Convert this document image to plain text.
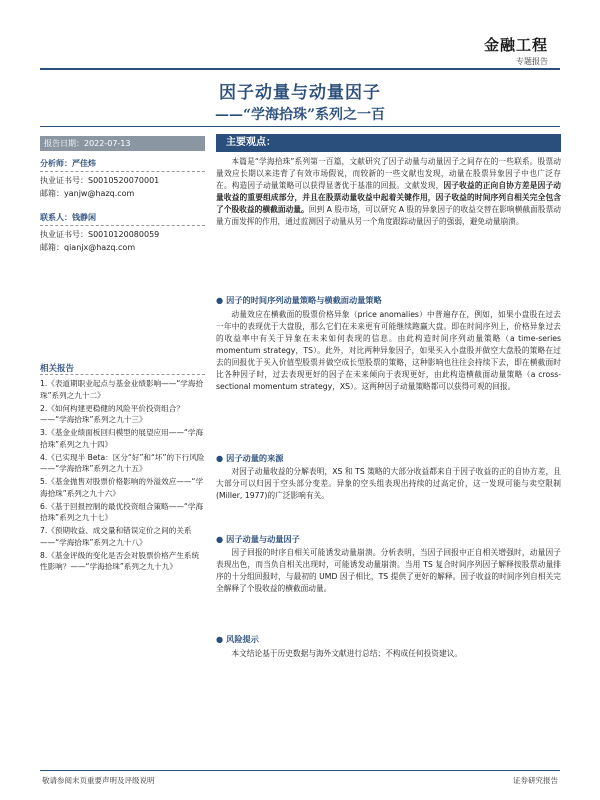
金融工程
专题报告
因子动量与动量因子
——“学海拾珠”系列之一百
报告日期：2022-07-13
分析师：严佳炜
执业证书号：S0010520070001
邮箱：yanjw@hazq.com
联系人：钱静闲
执业证书号：S0010120080059
邮箱：qianjx@hazq.com
相关报告

1.《表道期职业起点与基金业绩影响——“学海拾珠”系列之九十二》

2.《如何构建更稳健的风险平价投资组合？——“学海拾珠”系列之九十三》

3.《基金业绩面板回归模型的展望应用——“学海拾珠”系列之九十四》

4.《已实现半 Beta：区分“好”和“坏”的下行风险——“学海拾珠”系列之九十五》

5.《基金抛售对股票价格影响的外溢效应——“学海拾珠”系列之九十六》

6.《基于回报控制的最优投资组合策略——“学海拾珠”系列之九十七》

7.《预期收益、成交量和错误定价之间的关系——“学海拾珠”系列之九十八》

8.《基金评级的变化是否会对股票价格产生系统性影响？——“学海拾珠”系列之九十九》

主要观点：

本篇是“学海拾珠”系列第一百篇，文献研究了因子动量与动量因子之间存在的一些联系。股票动量效应长期以来违背了有效市场假说，而较新的一些文献也发现，动量在股票异象因子中也广泛存在。构造因子动量策略可以获得显著优于基准的回报。文献发现，因子收益的正向自协方差是因子动量收益的重要组成部分，并且在股票动量收益中起着关键作用，因子收益的时间序列自相关完全包含了个股收益的横截面动量。回到 A 股市场，可以研究 A 股的异象因子的收益交替在影响横截面股票动量方面发挥的作用，通过监测因子动量从另一个角度跟踪动量因子的强弱，避免动量崩溃。

● 因子的时间序列动量策略与横截面动量策略

动量效应在横截面的股票价格异象（price anomalies）中普遍存在，例如，如果小盘股在过去一年中的表现优于大盘股，那么它们在未来更有可能继续跑赢大盘。即在时间序列上，价格异象过去的收益率中有关于异象在未来如何表现的信息。由此构造时间序列动量策略（a time-series momentum strategy，TS）。此外，对比两种异象因子，如果买入小盘股并做空大盘股的策略在过去的回报优于买入价值型股票并做空成长型股票的策略，这种影响也往往会持续下去，即在横截面时比各种因子时，过去表现更好的因子在未来倾向于表现更好，由此构造横截面动量策略（a cross-sectional momentum strategy，XS）。这两种因子动量策略都可以获得可观的回报。

● 因子动量的来源

对因子动量收益的分解表明，XS 和 TS 策略的大部分收益都来自于因子收益的正的自协方差，且大部分可以归因于空头部分变差。异象的空头组表现出持续的过高定价，这一发现可能与卖空限制(Miller, 1977)的广泛影响有关。

● 因子动量与动量因子

因子回报的时序自相关可能诱发动量崩溃。分析表明，当因子回报中正自相关增强时，动量因子表现出色，而当负自相关出现时，可能诱发动量崩溃。当用 TS 复合时间序列因子解释按股票动量排序的十分组回报时，与最初的 UMD 因子相比，TS 提供了更好的解释。因子收益的时间序列自相关完全解释了个股收益的横截面动量。

● 风险提示

本文结论基于历史数据与海外文献进行总结；不构成任何投资建议。

敬请参阅末页重要声明及评级说明	证券研究报告
